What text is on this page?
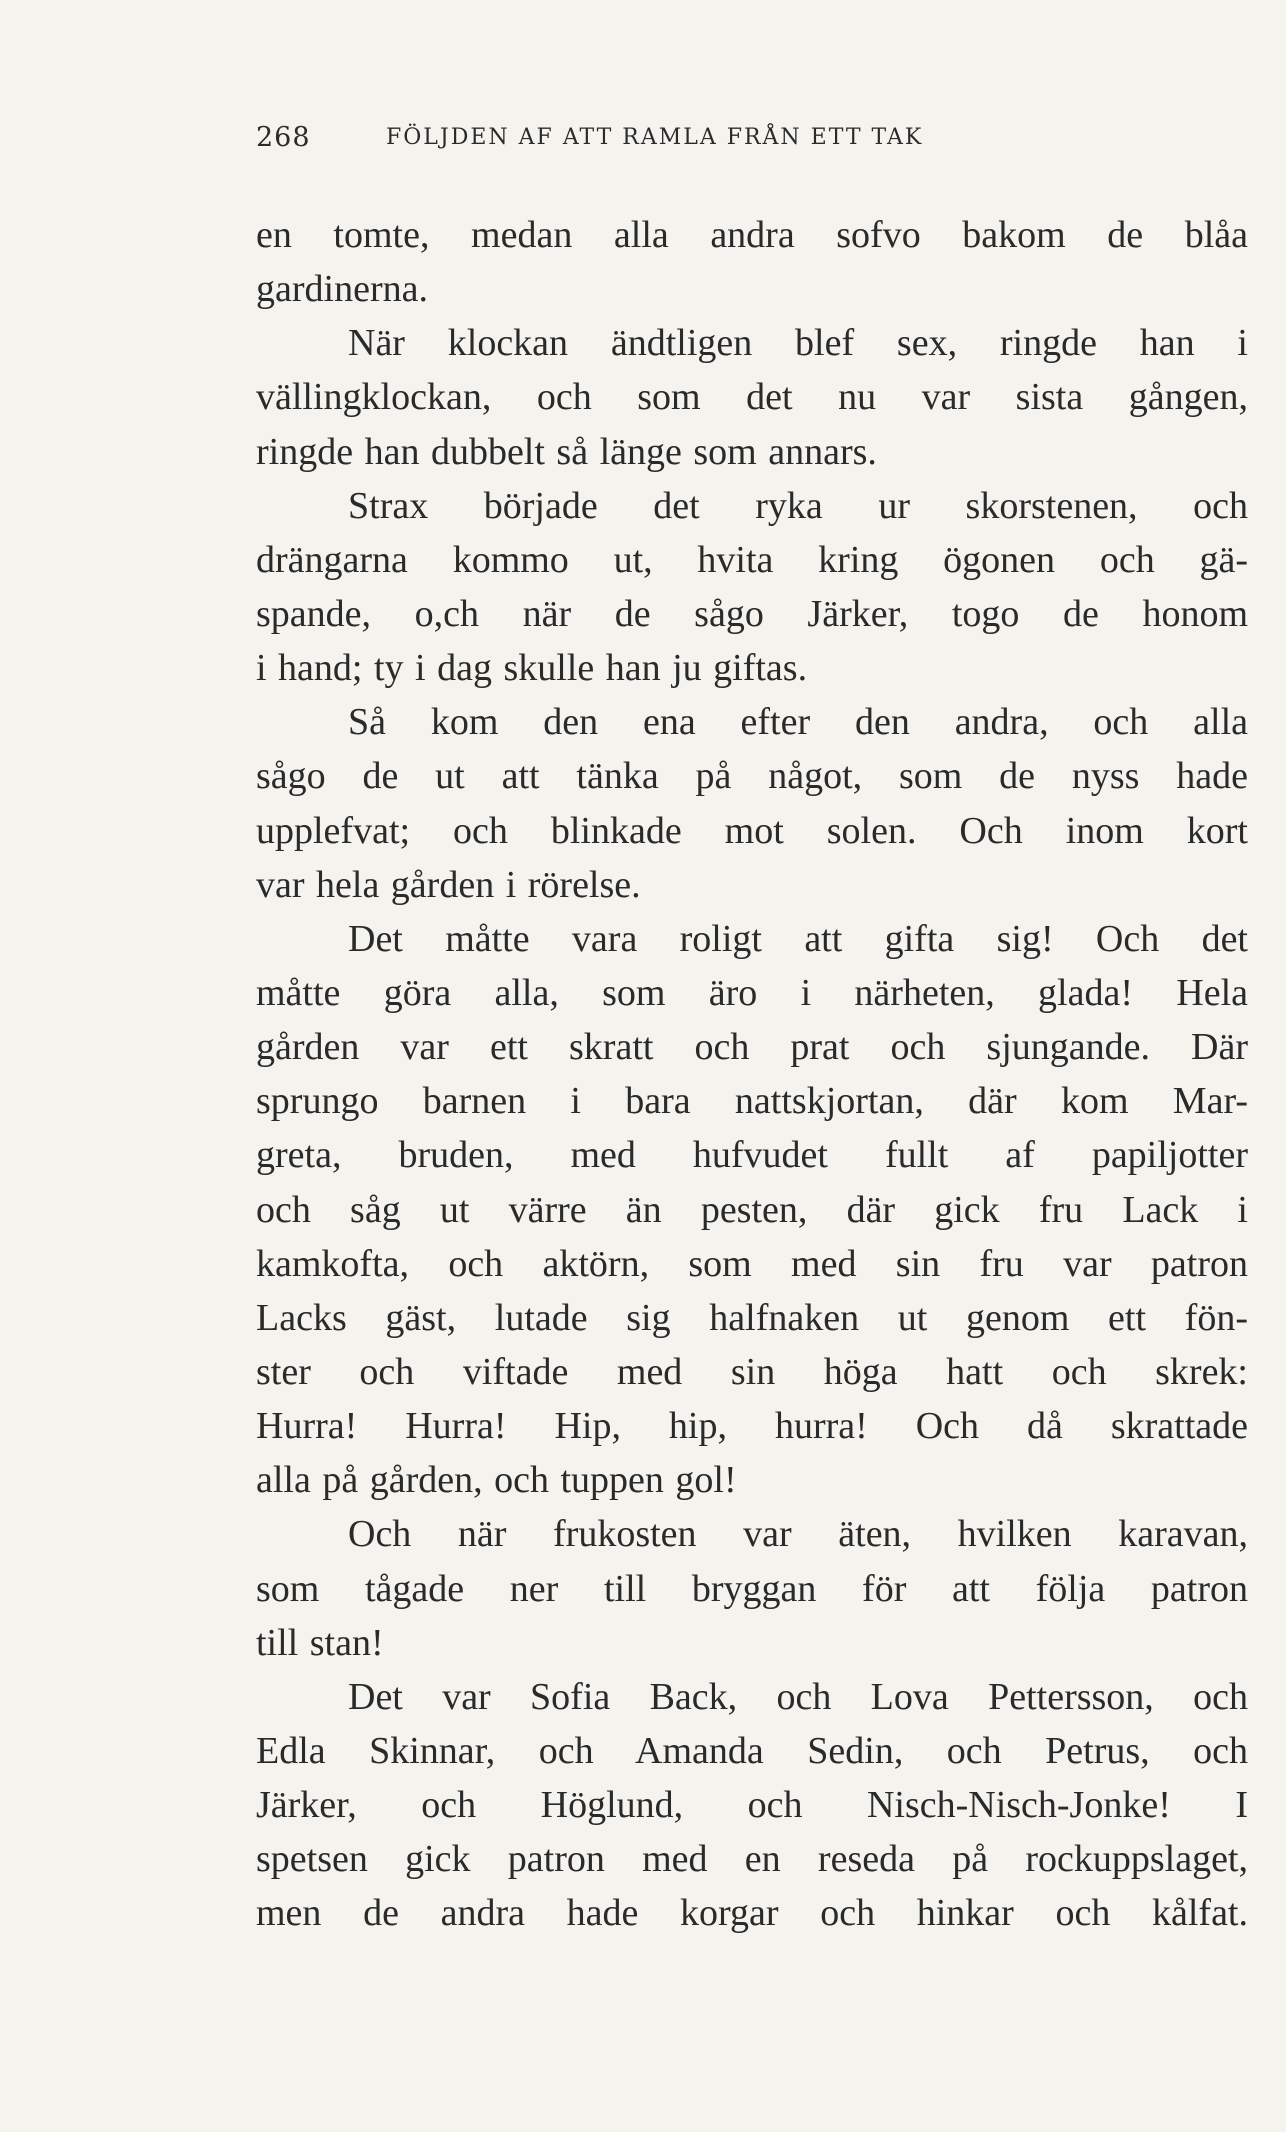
268	FÖLJDEN AF ATT RAMLA FRÅN ETT TAK
en tomte, medan alla andra sofvo bakom de blåa
gardinerna.
När klockan ändtligen blef sex, ringde han i
vällingklockan, och som det nu var sista gången,
ringde han dubbelt så länge som annars.
Strax började det ryka ur skorstenen, och
drängarna kommo ut, hvita kring ögonen och gä-
spande, o,ch när de sågo Järker, togo de honom
i hand; ty i dag skulle han ju giftas.
Så kom den ena efter den andra, och alla
sågo de ut att tänka på något, som de nyss hade
upplefvat; och blinkade mot solen. Och inom kort
var hela gården i rörelse.
Det måtte vara roligt att gifta sig! Och det
måtte göra alla, som äro i närheten, glada! Hela
gården var ett skratt och prat och sjungande. Där
sprungo barnen i bara nattskjortan, där kom Mar-
greta, bruden, med hufvudet fullt af papiljotter
och såg ut värre än pesten, där gick fru Lack i
kamkofta, och aktörn, som med sin fru var patron
Lacks gäst, lutade sig halfnaken ut genom ett fön-
ster och viftade med sin höga hatt och skrek:
Hurra! Hurra! Hip, hip, hurra! Och då skrattade
alla på gården, och tuppen gol!
Och när frukosten var äten, hvilken karavan,
som tågade ner till bryggan för att följa patron
till stan!
Det var Sofia Back, och Lova Pettersson, och
Edla Skinnar, och Amanda Sedin, och Petrus, och
Järker, och Höglund, och Nisch-Nisch-Jonke! I
spetsen gick patron med en reseda på rockuppslaget,
men de andra hade korgar och hinkar och kålfat.
